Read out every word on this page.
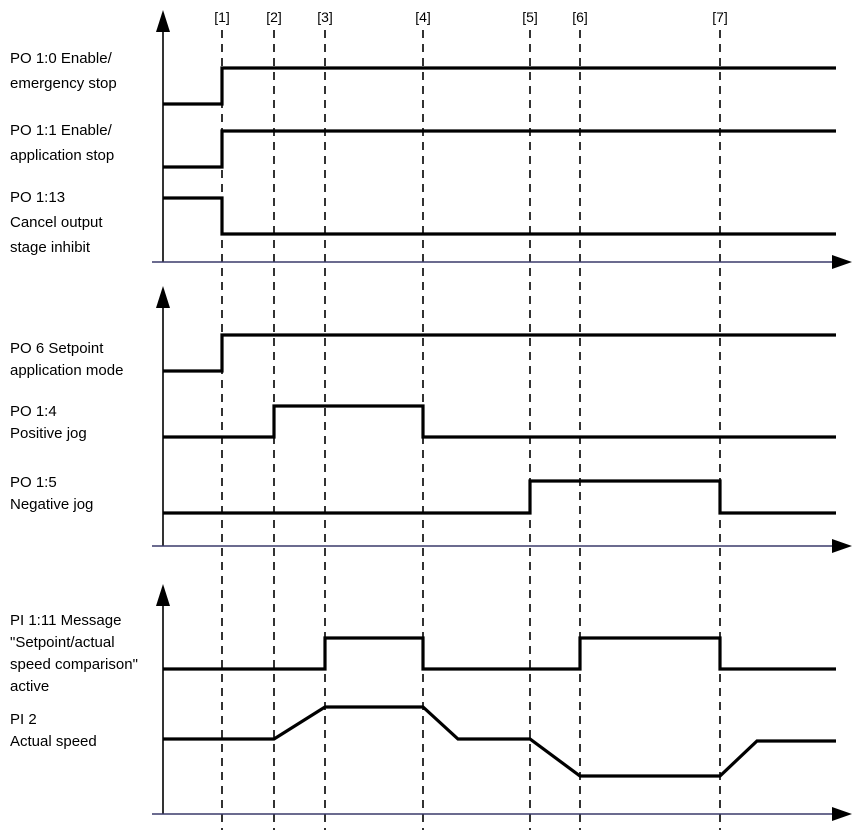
[1]	[2]	[3]	[4]	[5] [6]	[7]
PO 1:0 Enable/
emergency stop
PO 1:1 Enable/
application stop
PO 1:13
Cancel output
stage inhibit
PO 6 Setpoint
application mode
PO 1:4
Positive jog
PO 1:5
Negative jog
PI 1:11 Message
"Setpoint/actual
speed comparison"
active
PI 2
Actual speed
